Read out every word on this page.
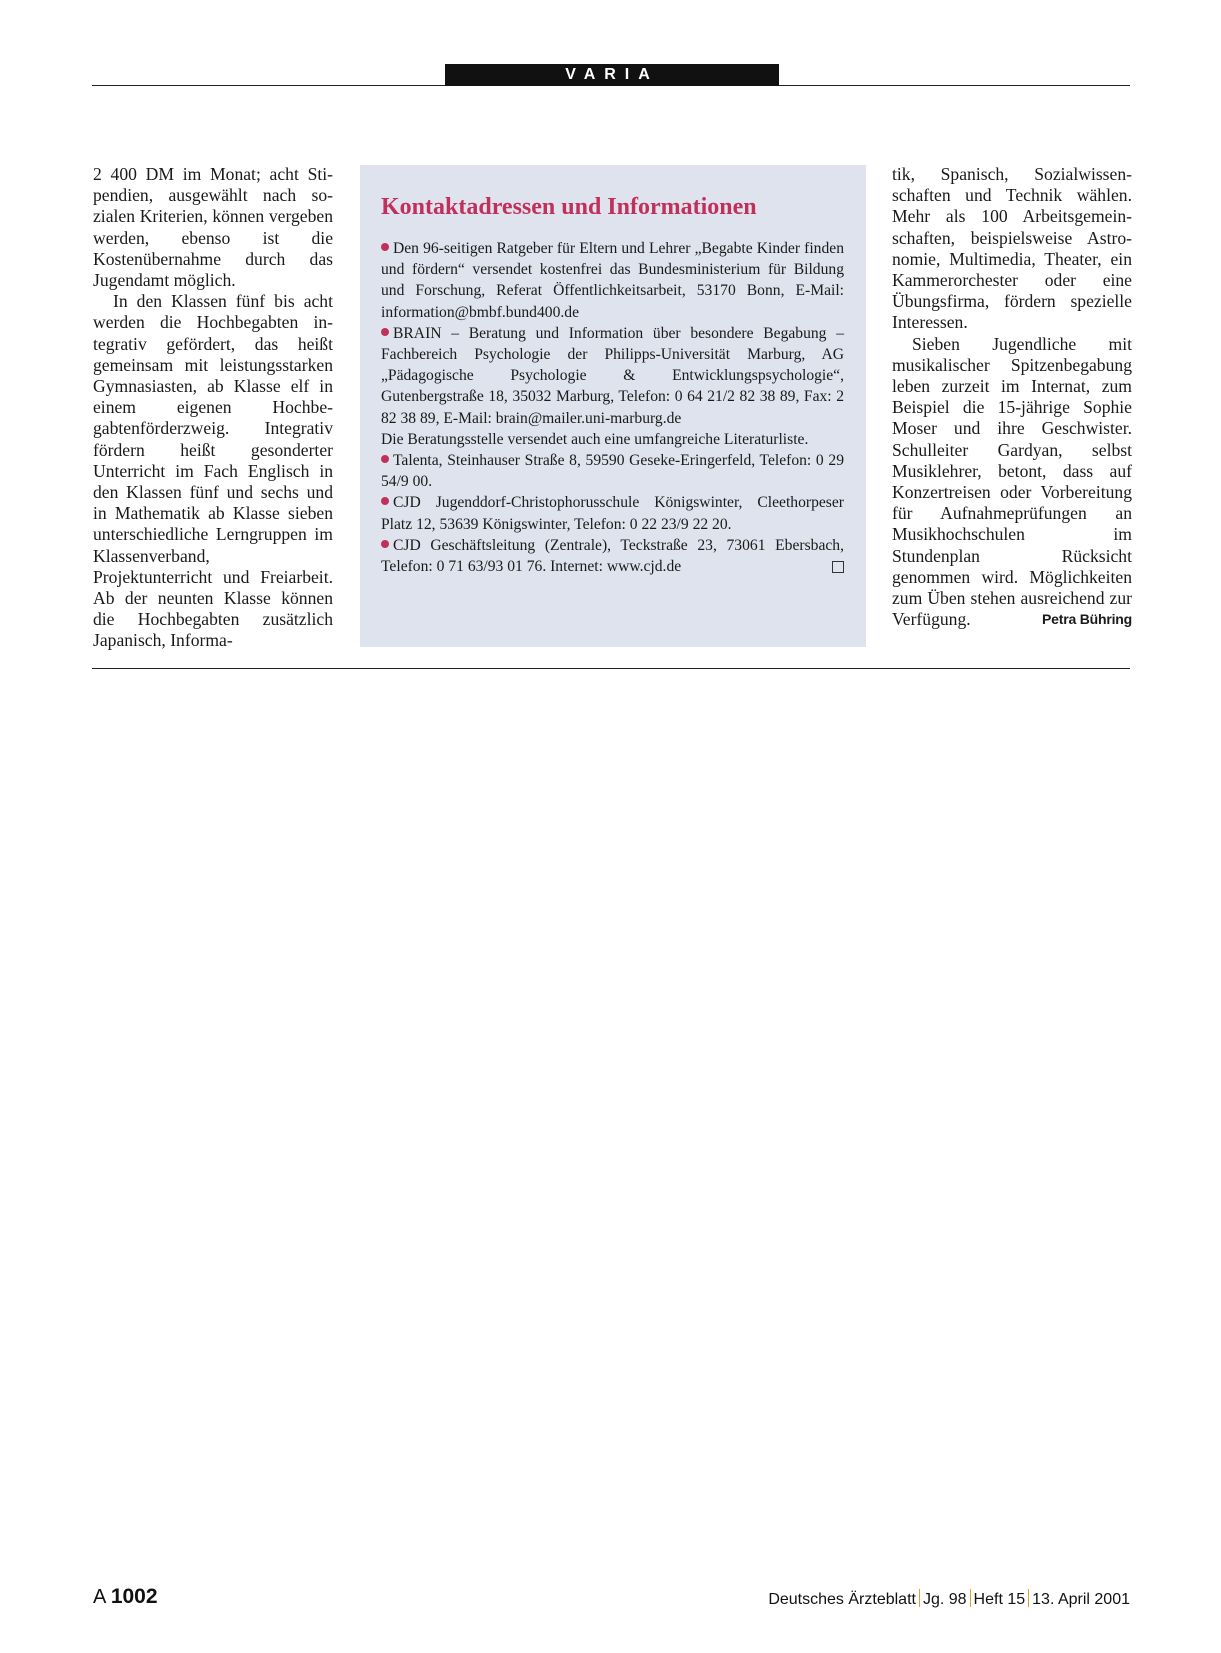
VARIA

2 400 DM im Monat; acht Stipendien, ausgewählt nach sozialen Kriterien, können vergeben werden, ebenso ist die Kostenübernahme durch das Jugendamt möglich.

In den Klassen fünf bis acht werden die Hochbegabten integrativ gefördert, das heißt gemeinsam mit leistungsstarken Gymnasiasten, ab Klasse elf in einem eigenen Hochbegabtenförderzweig. Integrativ fördern heißt gesonderter Unterricht im Fach Englisch in den Klassen fünf und sechs und in Mathematik ab Klasse sieben unterschiedliche Lerngruppen im Klassenverband, Projektunterricht und Freiarbeit. Ab der neunten Klasse können die Hochbegabten zusätzlich Japanisch, Informa-

Kontaktadressen und Informationen

Den 96-seitigen Ratgeber für Eltern und Lehrer „Begabte Kinder finden und fördern“ versendet kostenfrei das Bundesministerium für Bildung und Forschung, Referat Öffentlichkeitsarbeit, 53170 Bonn, E-Mail: information@bmbf.bund400.de

BRAIN – Beratung und Information über besondere Begabung – Fachbereich Psychologie der Philipps-Universität Marburg, AG „Pädagogische Psychologie & Entwicklungspsychologie“, Gutenbergstraße 18, 35032 Marburg, Telefon: 0 64 21/2 82 38 89, Fax: 2 82 38 89, E-Mail: brain@mailer.uni-marburg.de

Die Beratungsstelle versendet auch eine umfangreiche Literaturliste.

Talenta, Steinhauser Straße 8, 59590 Geseke-Eringerfeld, Telefon: 0 29 54/9 00.

CJD Jugenddorf-Christophorusschule Königswinter, Cleethorpeser Platz 12, 53639 Königswinter, Telefon: 0 22 23/9 22 20.

CJD Geschäftsleitung (Zentrale), Teckstraße 23, 73061 Ebersbach, Telefon: 0 71 63/93 01 76. Internet: www.cjd.de

tik, Spanisch, Sozialwissenschaften und Technik wählen. Mehr als 100 Arbeitsgemeinschaften, beispielsweise Astronomie, Multimedia, Theater, ein Kammerorchester oder eine Übungsfirma, fördern spezielle Interessen.

Sieben Jugendliche mit musikalischer Spitzenbegabung leben zurzeit im Internat, zum Beispiel die 15-jährige Sophie Moser und ihre Geschwister. Schulleiter Gardyan, selbst Musiklehrer, betont, dass auf Konzertreisen oder Vorbereitung für Aufnahmeprüfungen an Musikhochschulen im Stundenplan Rücksicht genommen wird. Möglichkeiten zum Üben stehen ausreichend zur Verfügung.	Petra Bühring

A 1002	Deutsches Ärzteblatt Jg. 98 Heft 15 13. April 2001
